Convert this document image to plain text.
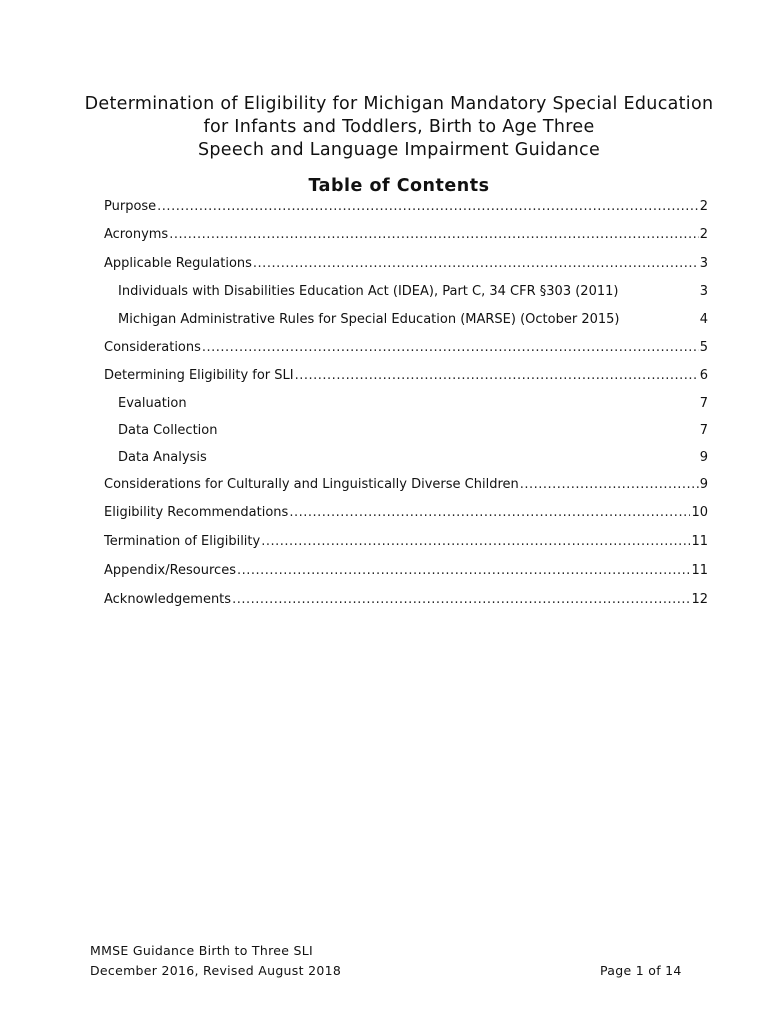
Determination of Eligibility for Michigan Mandatory Special Education
for Infants and Toddlers, Birth to Age Three
Speech and Language Impairment Guidance
Table of Contents
Purpose .....	2
Acronyms .....	2
Applicable Regulations .....	3
Individuals with Disabilities Education Act (IDEA), Part C, 34 CFR §303 (2011)	3
Michigan Administrative Rules for Special Education (MARSE) (October 2015)	4
Considerations .....	5
Determining Eligibility for SLI .....	6
Evaluation	7
Data Collection	7
Data Analysis	9
Considerations for Culturally and Linguistically Diverse Children .....	9
Eligibility Recommendations .....	10
Termination of Eligibility .....	11
Appendix/Resources .....	11
Acknowledgements .....	12
MMSE Guidance Birth to Three SLI
December 2016, Revised August 2018	Page 1 of 14
